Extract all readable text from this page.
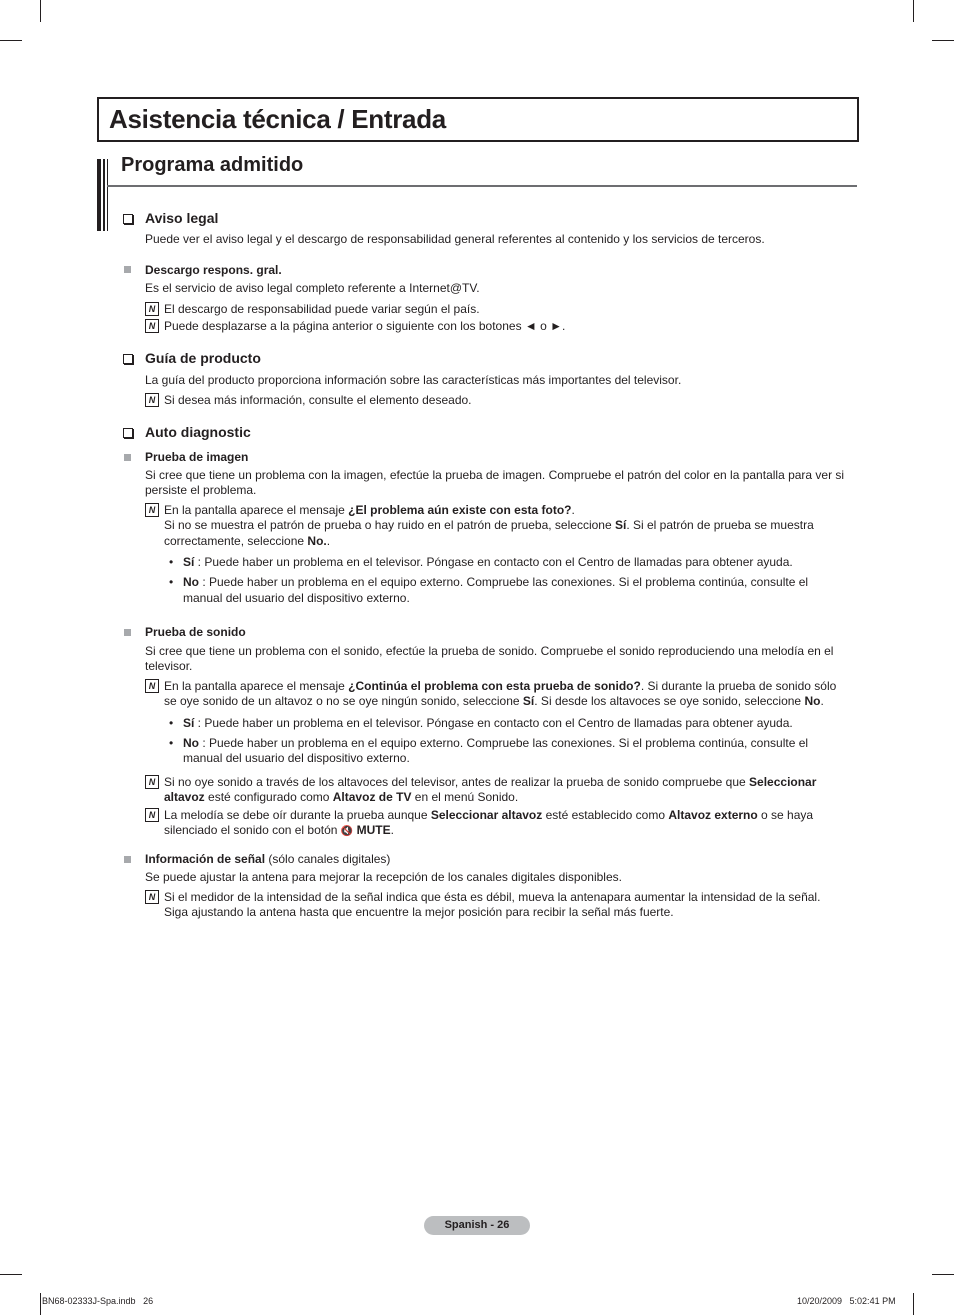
Asistencia técnica / Entrada
Programa admitido
Aviso legal
Puede ver el aviso legal y el descargo de responsabilidad general referentes al contenido y los servicios de terceros.
Descargo respons. gral.
Es el servicio de aviso legal completo referente a Internet@TV.
N El descargo de responsabilidad puede variar según el país.
N Puede desplazarse a la página anterior o siguiente con los botones ◄ o ►.
Guía de producto
La guía del producto proporciona información sobre las características más importantes del televisor.
N Si desea más información, consulte el elemento deseado.
Auto diagnostic
Prueba de imagen
Si cree que tiene un problema con la imagen, efectúe la prueba de imagen. Compruebe el patrón del color en la pantalla para ver si
persiste el problema.
N En la pantalla aparece el mensaje ¿El problema aún existe con esta foto?.
Si no se muestra el patrón de prueba o hay ruido en el patrón de prueba, seleccione Sí. Si el patrón de prueba se muestra
correctamente, seleccione No..
• Sí : Puede haber un problema en el televisor. Póngase en contacto con el Centro de llamadas para obtener ayuda.
• No : Puede haber un problema en el equipo externo. Compruebe las conexiones. Si el problema continúa, consulte el
manual del usuario del dispositivo externo.
Prueba de sonido
Si cree que tiene un problema con el sonido, efectúe la prueba de sonido. Compruebe el sonido reproduciendo una melodía en el
televisor.
N En la pantalla aparece el mensaje ¿Continúa el problema con esta prueba de sonido?. Si durante la prueba de sonido sólo
se oye sonido de un altavoz o no se oye ningún sonido, seleccione Sí. Si desde los altavoces se oye sonido, seleccione No.
• Sí : Puede haber un problema en el televisor. Póngase en contacto con el Centro de llamadas para obtener ayuda.
• No : Puede haber un problema en el equipo externo. Compruebe las conexiones. Si el problema continúa, consulte el
manual del usuario del dispositivo externo.
N Si no oye sonido a través de los altavoces del televisor, antes de realizar la prueba de sonido compruebe que Seleccionar
altavoz esté configurado como Altavoz de TV en el menú Sonido.
N La melodía se debe oír durante la prueba aunque Seleccionar altavoz esté establecido como Altavoz externo o se haya
silenciado el sonido con el botón 🔇 MUTE.
Información de señal (sólo canales digitales)
Se puede ajustar la antena para mejorar la recepción de los canales digitales disponibles.
N Si el medidor de la intensidad de la señal indica que ésta es débil, mueva la antenapara aumentar la intensidad de la señal.
Siga ajustando la antena hasta que encuentre la mejor posición para recibir la señal más fuerte.
Spanish - 26
BN68-02333J-Spa.indb   26	10/20/2009   5:02:41 PM
